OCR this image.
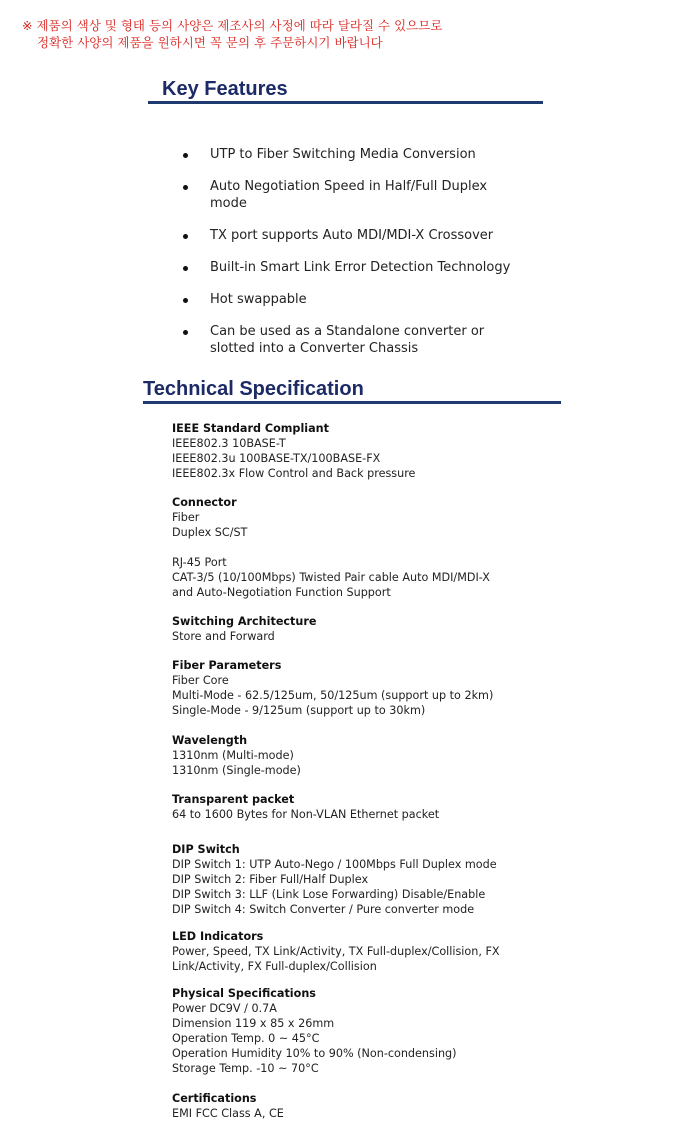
※ 제품의 색상 및 형태 등의 사양은 제조사의 사정에 따라 달라질 수 있으므로
정확한 사양의 제품을 원하시면 꼭 문의 후 주문하시기 바랍니다
Key Features
UTP to Fiber Switching Media Conversion
Auto Negotiation Speed in Half/Full Duplex mode
TX port supports Auto MDI/MDI-X Crossover
Built-in Smart Link Error Detection Technology
Hot swappable
Can be used as a Standalone converter or slotted into a Converter Chassis
Technical Specification
IEEE Standard Compliant
IEEE802.3 10BASE-T
IEEE802.3u 100BASE-TX/100BASE-FX
IEEE802.3x Flow Control and Back pressure
Connector
Fiber
Duplex SC/ST
RJ-45 Port
CAT-3/5 (10/100Mbps) Twisted Pair cable Auto MDI/MDI-X
and Auto-Negotiation Function Support
Switching Architecture
Store and Forward
Fiber Parameters
Fiber Core
Multi-Mode - 62.5/125um, 50/125um (support up to 2km)
Single-Mode - 9/125um (support up to 30km)
Wavelength
1310nm (Multi-mode)
1310nm (Single-mode)
Transparent packet
64 to 1600 Bytes for Non-VLAN Ethernet packet
DIP Switch
DIP Switch 1: UTP Auto-Nego / 100Mbps Full Duplex mode
DIP Switch 2: Fiber Full/Half Duplex
DIP Switch 3: LLF (Link Lose Forwarding) Disable/Enable
DIP Switch 4: Switch Converter / Pure converter mode
LED Indicators
Power, Speed, TX Link/Activity, TX Full-duplex/Collision, FX
Link/Activity, FX Full-duplex/Collision
Physical Specifications
Power DC9V / 0.7A
Dimension 119 x 85 x 26mm
Operation Temp. 0 ~ 45°C
Operation Humidity 10% to 90% (Non-condensing)
Storage Temp. -10 ~ 70°C
Certifications
EMI FCC Class A, CE
